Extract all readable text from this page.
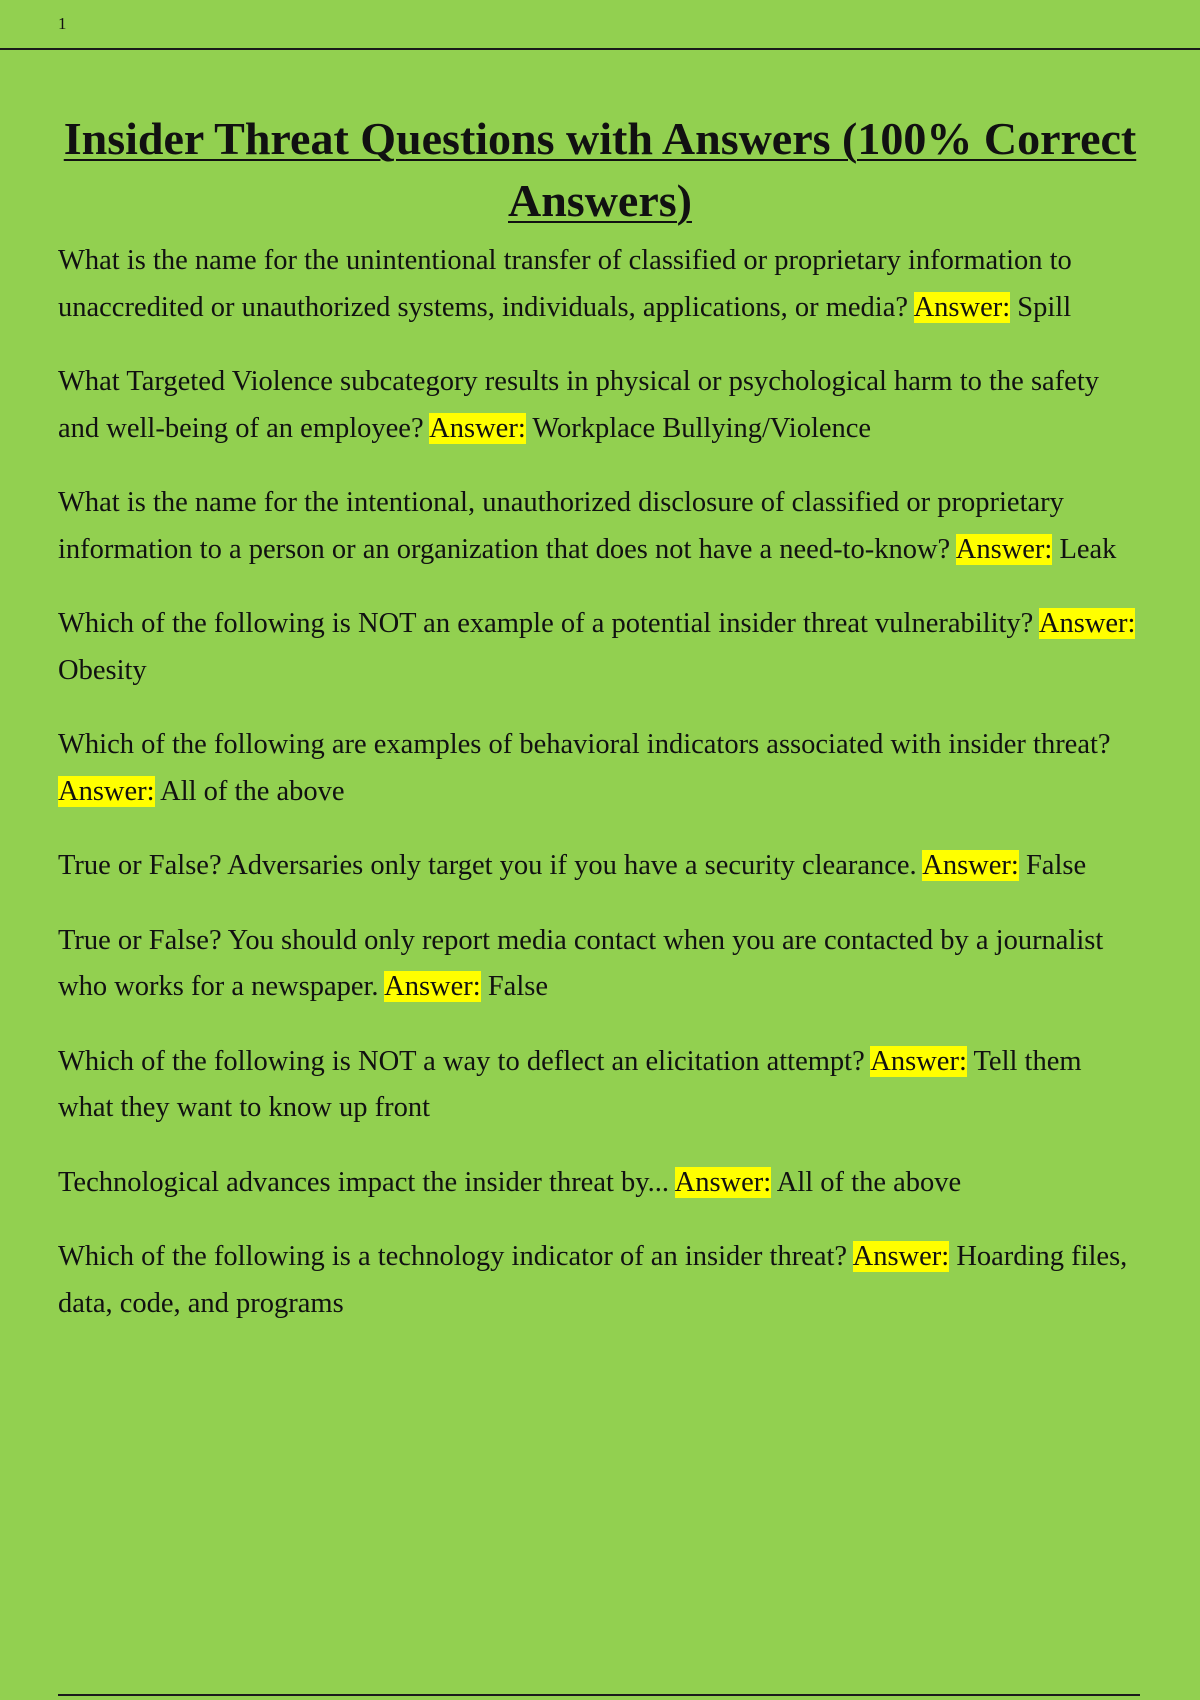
1
Insider Threat Questions with Answers (100% Correct Answers)

What is the name for the unintentional transfer of classified or proprietary information to unaccredited or unauthorized systems, individuals, applications, or media? Answer: Spill

What Targeted Violence subcategory results in physical or psychological harm to the safety and well-being of an employee? Answer: Workplace Bullying/Violence

What is the name for the intentional, unauthorized disclosure of classified or proprietary information to a person or an organization that does not have a need-to-know? Answer: Leak

Which of the following is NOT an example of a potential insider threat vulnerability? Answer: Obesity

Which of the following are examples of behavioral indicators associated with insider threat? Answer: All of the above

True or False? Adversaries only target you if you have a security clearance. Answer: False

True or False? You should only report media contact when you are contacted by a journalist who works for a newspaper. Answer: False

Which of the following is NOT a way to deflect an elicitation attempt? Answer: Tell them what they want to know up front

Technological advances impact the insider threat by... Answer: All of the above

Which of the following is a technology indicator of an insider threat? Answer: Hoarding files, data, code, and programs
